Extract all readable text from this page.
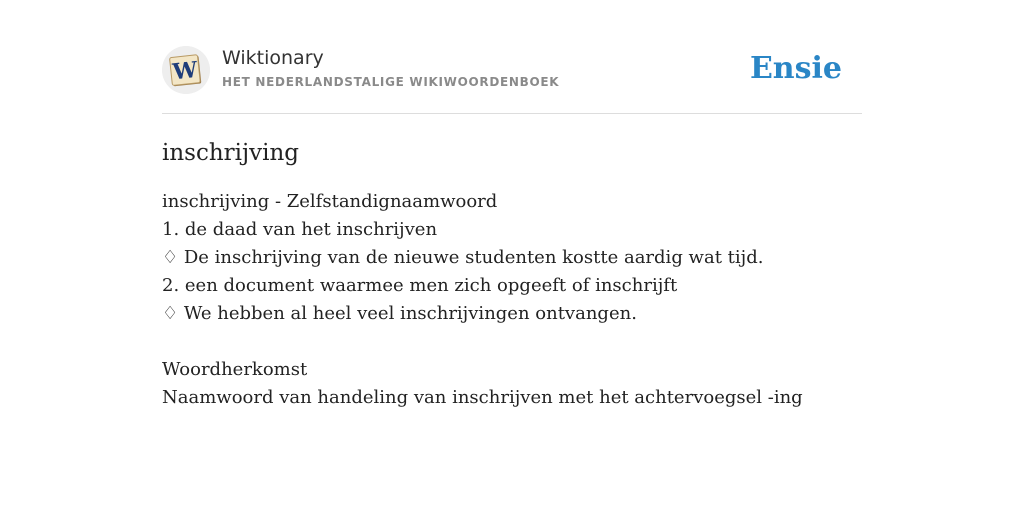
W Wiktionary
HET NEDERLANDSTALIGE WIKIWOORDENBOEK	Ensie
inschrijving
inschrijving - Zelfstandignaamwoord
1. de daad van het inschrijven
♢ De inschrijving van de nieuwe studenten kostte aardig wat tijd.
2. een document waarmee men zich opgeeft of inschrijft
♢ We hebben al heel veel inschrijvingen ontvangen.
Woordherkomst
Naamwoord van handeling van inschrijven met het achtervoegsel -ing
